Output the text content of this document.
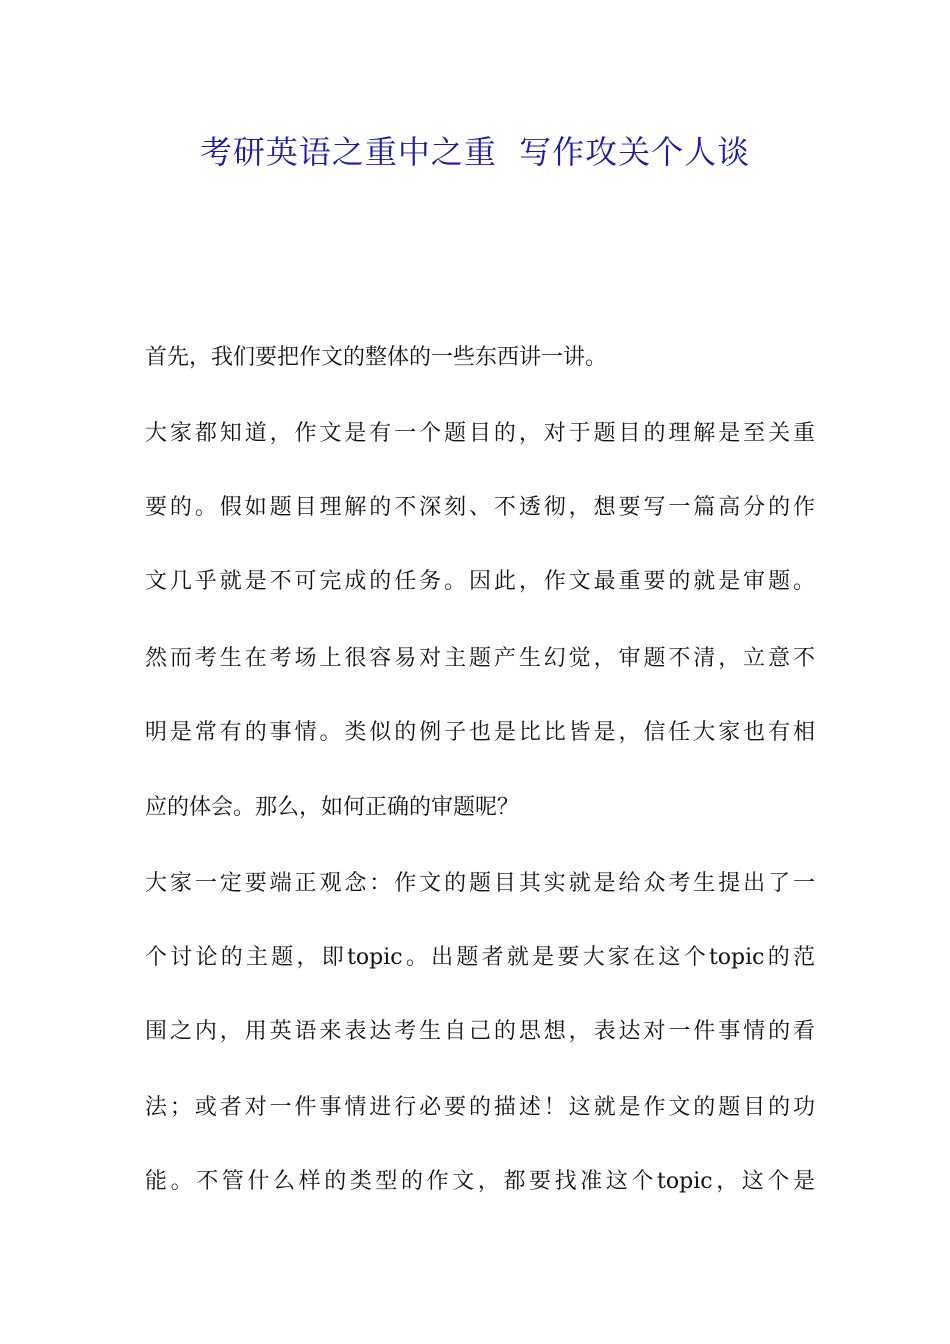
考研英语之重中之重  写作攻关个人谈
首先，我们要把作文的整体的一些东西讲一讲。
大家都知道，作文是有一个题目的，对于题目的理解是至关重
要的。假如题目理解的不深刻、不透彻，想要写一篇高分的作
文几乎就是不可完成的任务。因此，作文最重要的就是审题。
然而考生在考场上很容易对主题产生幻觉，审题不清，立意不
明是常有的事情。类似的例子也是比比皆是，信任大家也有相
应的体会。那么，如何正确的审题呢？
大家一定要端正观念：作文的题目其实就是给众考生提出了一
个讨论的主题，即topic。出题者就是要大家在这个topic的范
围之内，用英语来表达考生自己的思想，表达对一件事情的看
法；或者对一件事情进行必要的描述！这就是作文的题目的功
能。不管什么样的类型的作文，都要找准这个topic，这个是
